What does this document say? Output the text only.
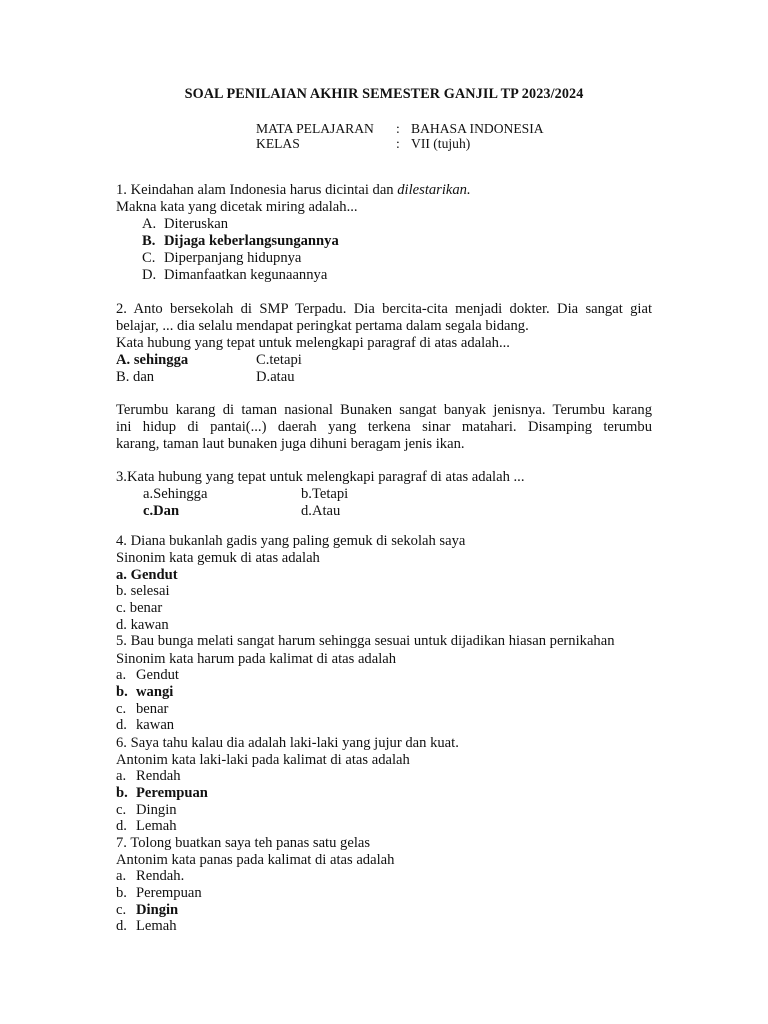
SOAL PENILAIAN AKHIR SEMESTER GANJIL TP 2023/2024
MATA PELAJARAN : BAHASA INDONESIA
KELAS	: VII (tujuh)
1. Keindahan alam Indonesia harus dicintai dan dilestarikan.
Makna kata yang dicetak miring adalah...
A. Diteruskan
B. Dijaga keberlangsungannya
C. Diperpanjang hidupnya
D. Dimanfaatkan kegunaannya
2. Anto bersekolah di SMP Terpadu. Dia bercita-cita menjadi dokter. Dia sangat giat
belajar, ... dia selalu mendapat peringkat pertama dalam segala bidang.
Kata hubung yang tepat untuk melengkapi paragraf di atas adalah...
A. sehingga	C.tetapi
B. dan	D.atau
Terumbu karang di taman nasional Bunaken sangat banyak jenisnya. Terumbu karang
ini hidup di pantai(...) daerah yang terkena sinar matahari. Disamping terumbu
karang, taman laut bunaken juga dihuni beragam jenis ikan.
3.Kata hubung yang tepat untuk melengkapi paragraf di atas adalah ...
a.Sehingga	b.Tetapi
c.Dan	d.Atau
4. Diana bukanlah gadis yang paling gemuk di sekolah saya
Sinonim kata gemuk di atas adalah
a. Gendut
b. selesai
c. benar
d. kawan
5. Bau bunga melati sangat harum sehingga sesuai untuk dijadikan hiasan pernikahan
Sinonim kata harum pada kalimat di atas adalah
a. Gendut
b. wangi
c. benar
d. kawan
6. Saya tahu kalau dia adalah laki-laki yang jujur dan kuat.
Antonim kata laki-laki pada kalimat di atas adalah
a. Rendah
b. Perempuan
c. Dingin
d. Lemah
7. Tolong buatkan saya teh panas satu gelas
Antonim kata panas pada kalimat di atas adalah
a. Rendah.
b. Perempuan
c. Dingin
d. Lemah
